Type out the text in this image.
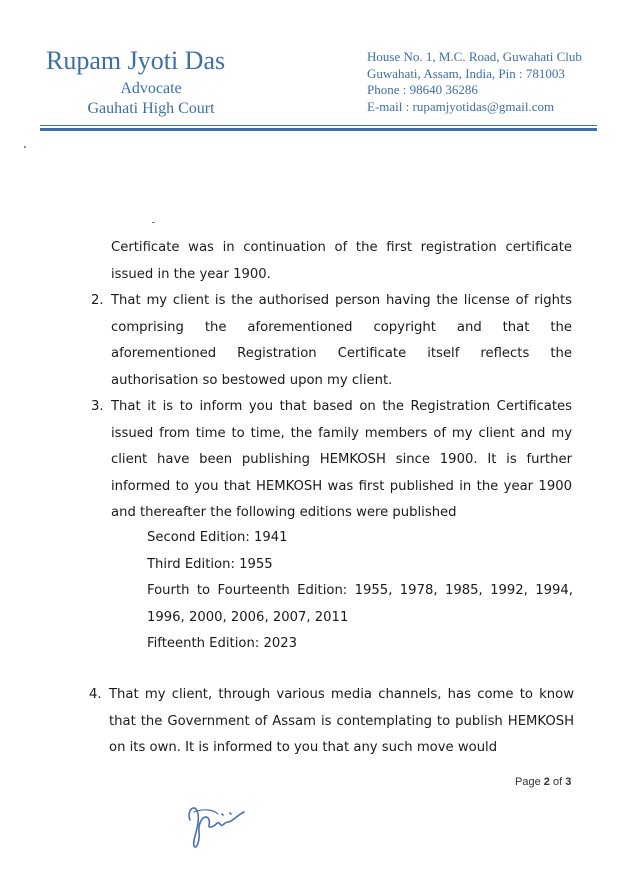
Rupam Jyoti Das
Advocate
Gauhati High Court
House No. 1, M.C. Road, Guwahati Club
Guwahati, Assam, India, Pin : 781003
Phone : 98640 36286
E-mail : rupamjyotidas@gmail.com
Certificate was in continuation of the first registration certificate issued in the year 1900.
2. That my client is the authorised person having the license of rights comprising the aforementioned copyright and that the aforementioned Registration Certificate itself reflects the authorisation so bestowed upon my client.
3. That it is to inform you that based on the Registration Certificates issued from time to time, the family members of my client and my client have been publishing HEMKOSH since 1900. It is further informed to you that HEMKOSH was first published in the year 1900 and thereafter the following editions were published
Second Edition: 1941
Third Edition: 1955
Fourth to Fourteenth Edition: 1955, 1978, 1985, 1992, 1994, 1996, 2000, 2006, 2007, 2011
Fifteenth Edition: 2023
4. That my client, through various media channels, has come to know that the Government of Assam is contemplating to publish HEMKOSH on its own. It is informed to you that any such move would
Page 2 of 3
